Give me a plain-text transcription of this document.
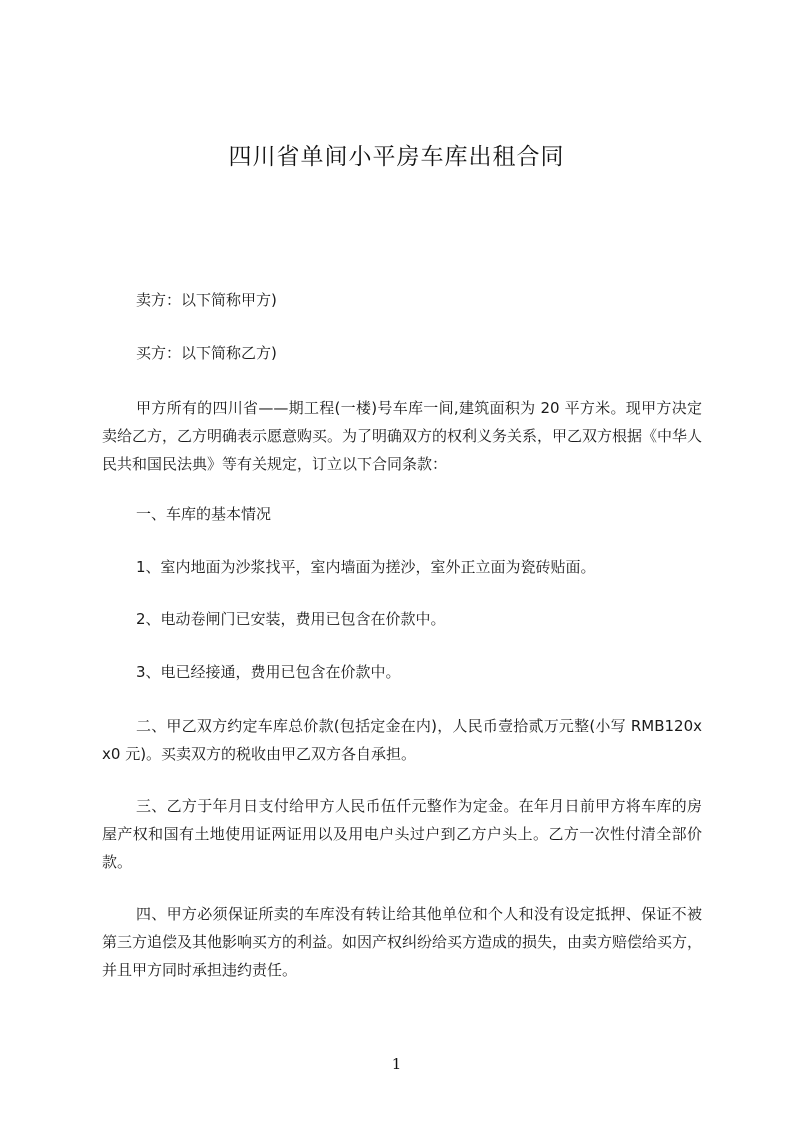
四川省单间小平房车库出租合同
卖方：以下简称甲方)
买方：以下简称乙方)
甲方所有的四川省——期工程(一楼)号车库一间,建筑面积为 20 平方米。现甲方决定卖给乙方，乙方明确表示愿意购买。为了明确双方的权利义务关系，甲乙双方根据《中华人民共和国民法典》等有关规定，订立以下合同条款：
一、车库的基本情况
1、室内地面为沙浆找平，室内墙面为搓沙，室外正立面为瓷砖贴面。
2、电动卷闸门已安装，费用已包含在价款中。
3、电已经接通，费用已包含在价款中。
二、甲乙双方约定车库总价款(包括定金在内)，人民币壹拾贰万元整(小写 RMB120xx0 元)。买卖双方的税收由甲乙双方各自承担。
三、乙方于年月日支付给甲方人民币伍仟元整作为定金。在年月日前甲方将车库的房屋产权和国有土地使用证两证用以及用电户头过户到乙方户头上。乙方一次性付清全部价款。
四、甲方必须保证所卖的车库没有转让给其他单位和个人和没有设定抵押、保证不被第三方追偿及其他影响买方的利益。如因产权纠纷给买方造成的损失，由卖方赔偿给买方，并且甲方同时承担违约责任。
1
